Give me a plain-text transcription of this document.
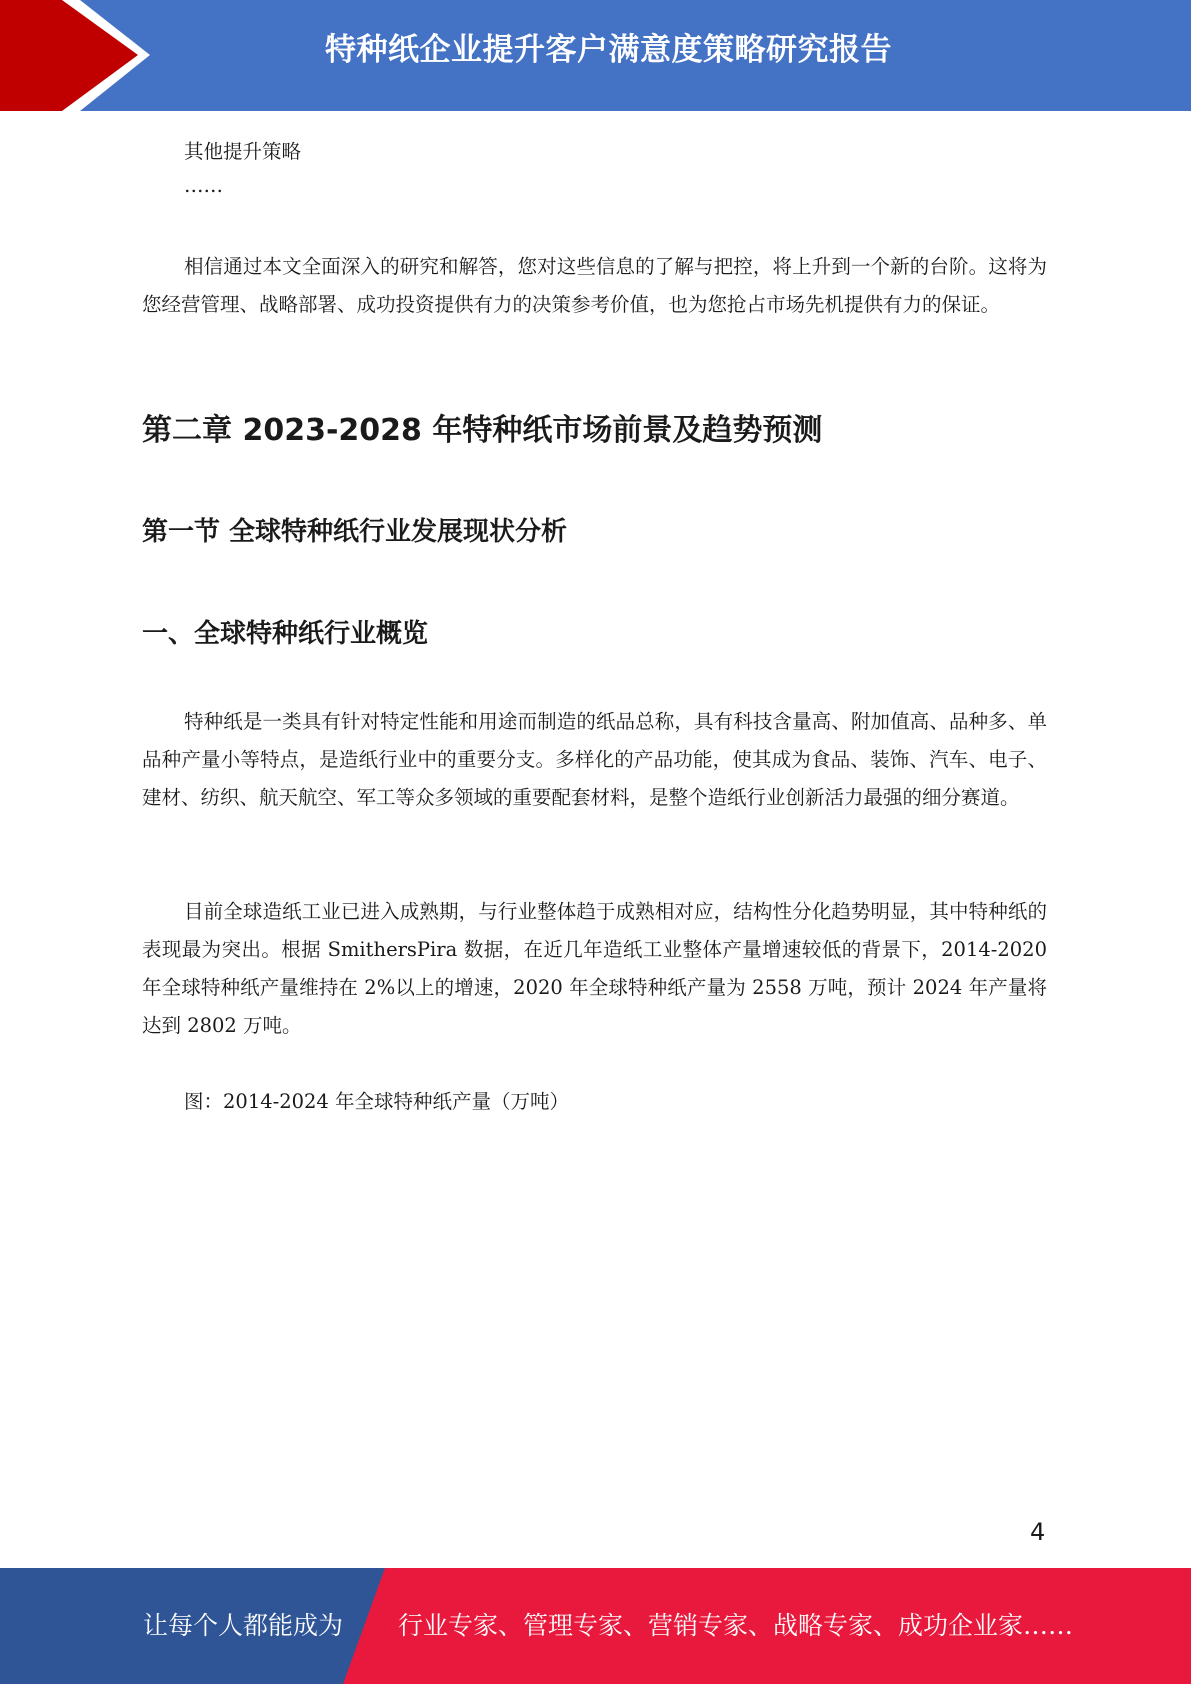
特种纸企业提升客户满意度策略研究报告
其他提升策略
……

相信通过本文全面深入的研究和解答，您对这些信息的了解与把控，将上升到一个新的台阶。这将为您经营管理、战略部署、成功投资提供有力的决策参考价值，也为您抢占市场先机提供有力的保证。

第二章 2023-2028 年特种纸市场前景及趋势预测
第一节 全球特种纸行业发展现状分析
一、全球特种纸行业概览

特种纸是一类具有针对特定性能和用途而制造的纸品总称，具有科技含量高、附加值高、品种多、单品种产量小等特点，是造纸行业中的重要分支。多样化的产品功能，使其成为食品、装饰、汽车、电子、建材、纺织、航天航空、军工等众多领域的重要配套材料，是整个造纸行业创新活力最强的细分赛道。

目前全球造纸工业已进入成熟期，与行业整体趋于成熟相对应，结构性分化趋势明显，其中特种纸的表现最为突出。根据 SmithersPira 数据，在近几年造纸工业整体产量增速较低的背景下，2014-2020 年全球特种纸产量维持在 2%以上的增速，2020 年全球特种纸产量为 2558 万吨，预计 2024 年产量将达到 2802 万吨。

图：2014-2024 年全球特种纸产量（万吨）
4
让每个人都能成为 行业专家、管理专家、营销专家、战略专家、成功企业家……
